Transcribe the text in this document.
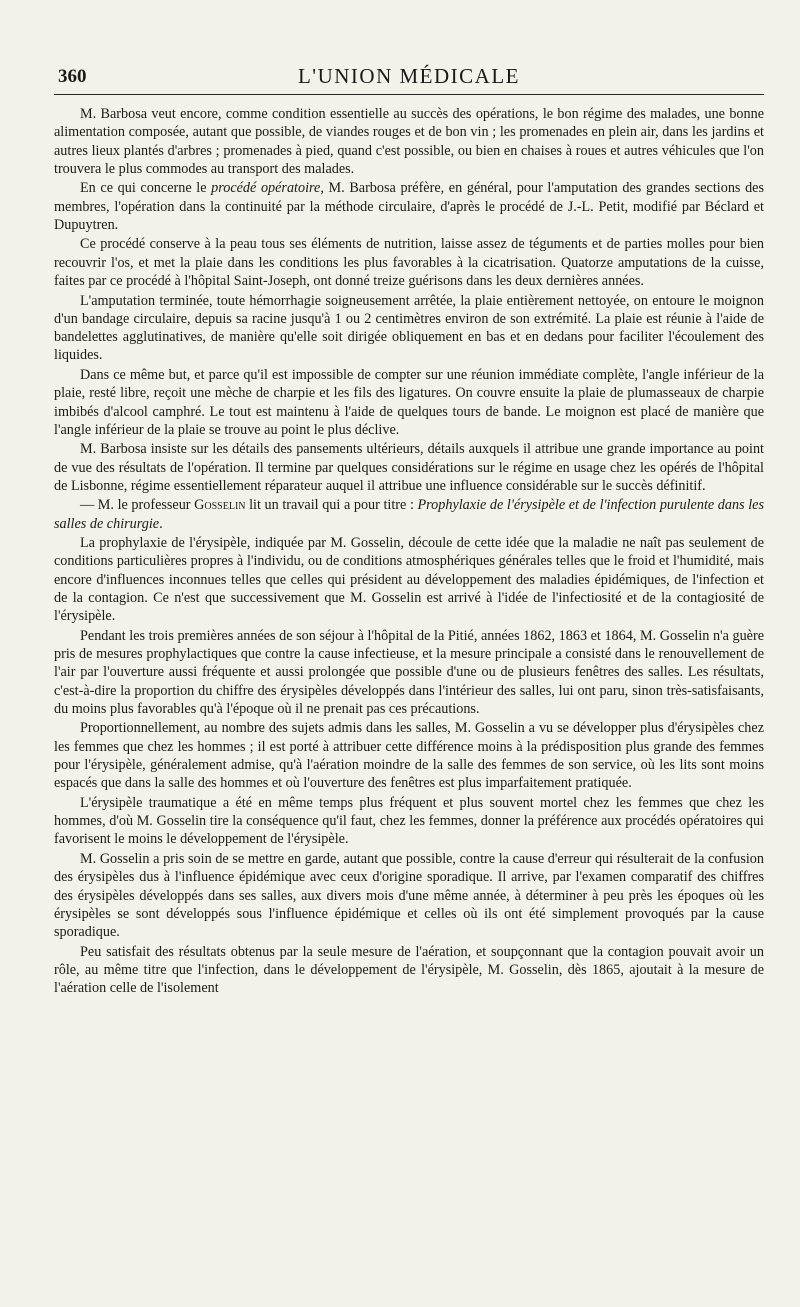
360	L'UNION MÉDICALE

M. Barbosa veut encore, comme condition essentielle au succès des opérations, le bon régime des malades, une bonne alimentation composée, autant que possible, de viandes rouges et de bon vin ; les promenades en plein air, dans les jardins et autres lieux plantés d'arbres ; promenades à pied, quand c'est possible, ou bien en chaises à roues et autres véhicules que l'on trouvera le plus commodes au transport des malades.

En ce qui concerne le procédé opératoire, M. Barbosa préfère, en général, pour l'amputation des grandes sections des membres, l'opération dans la continuité par la méthode circulaire, d'après le procédé de J.-L. Petit, modifié par Béclard et Dupuytren.

Ce procédé conserve à la peau tous ses éléments de nutrition, laisse assez de téguments et de parties molles pour bien recouvrir l'os, et met la plaie dans les conditions les plus favorables à la cicatrisation. Quatorze amputations de la cuisse, faites par ce procédé à l'hôpital Saint-Joseph, ont donné treize guérisons dans les deux dernières années.

L'amputation terminée, toute hémorrhagie soigneusement arrêtée, la plaie entièrement nettoyée, on entoure le moignon d'un bandage circulaire, depuis sa racine jusqu'à 1 ou 2 centimètres environ de son extrémité. La plaie est réunie à l'aide de bandelettes agglutinatives, de manière qu'elle soit dirigée obliquement en bas et en dedans pour faciliter l'écoulement des liquides.

Dans ce même but, et parce qu'il est impossible de compter sur une réunion immédiate complète, l'angle inférieur de la plaie, resté libre, reçoit une mèche de charpie et les fils des ligatures. On couvre ensuite la plaie de plumasseaux de charpie imbibés d'alcool camphré. Le tout est maintenu à l'aide de quelques tours de bande. Le moignon est placé de manière que l'angle inférieur de la plaie se trouve au point le plus déclive.

M. Barbosa insiste sur les détails des pansements ultérieurs, détails auxquels il attribue une grande importance au point de vue des résultats de l'opération. Il termine par quelques considérations sur le régime en usage chez les opérés de l'hôpital de Lisbonne, régime essentiellement réparateur auquel il attribue une influence considérable sur le succès définitif.

— M. le professeur Gosselin lit un travail qui a pour titre : Prophylaxie de l'érysipèle et de l'infection purulente dans les salles de chirurgie.

La prophylaxie de l'érysipèle, indiquée par M. Gosselin, découle de cette idée que la maladie ne naît pas seulement de conditions particulières propres à l'individu, ou de conditions atmosphériques générales telles que le froid et l'humidité, mais encore d'influences inconnues telles que celles qui président au développement des maladies épidémiques, de l'infection et de la contagion. Ce n'est que successivement que M. Gosselin est arrivé à l'idée de l'infectiosité et de la contagiosité de l'érysipèle.

Pendant les trois premières années de son séjour à l'hôpital de la Pitié, années 1862, 1863 et 1864, M. Gosselin n'a guère pris de mesures prophylactiques que contre la cause infectieuse, et la mesure principale a consisté dans le renouvellement de l'air par l'ouverture aussi fréquente et aussi prolongée que possible d'une ou de plusieurs fenêtres des salles. Les résultats, c'est-à-dire la proportion du chiffre des érysipèles développés dans l'intérieur des salles, lui ont paru, sinon très-satisfaisants, du moins plus favorables qu'à l'époque où il ne prenait pas ces précautions.

Proportionnellement, au nombre des sujets admis dans les salles, M. Gosselin a vu se développer plus d'érysipèles chez les femmes que chez les hommes ; il est porté à attribuer cette différence moins à la prédisposition plus grande des femmes pour l'érysipèle, généralement admise, qu'à l'aération moindre de la salle des femmes de son service, où les lits sont moins espacés que dans la salle des hommes et où l'ouverture des fenêtres est plus imparfaitement pratiquée.

L'érysipèle traumatique a été en même temps plus fréquent et plus souvent mortel chez les femmes que chez les hommes, d'où M. Gosselin tire la conséquence qu'il faut, chez les femmes, donner la préférence aux procédés opératoires qui favorisent le moins le développement de l'érysipèle.

M. Gosselin a pris soin de se mettre en garde, autant que possible, contre la cause d'erreur qui résulterait de la confusion des érysipèles dus à l'influence épidémique avec ceux d'origine sporadique. Il arrive, par l'examen comparatif des chiffres des érysipèles développés dans ses salles, aux divers mois d'une même année, à déterminer à peu près les époques où les érysipèles se sont développés sous l'influence épidémique et celles où ils ont été simplement provoqués par la cause sporadique.

Peu satisfait des résultats obtenus par la seule mesure de l'aération, et soupçonnant que la contagion pouvait avoir un rôle, au même titre que l'infection, dans le développement de l'érysipèle, M. Gosselin, dès 1865, ajoutait à la mesure de l'aération celle de l'isolement
